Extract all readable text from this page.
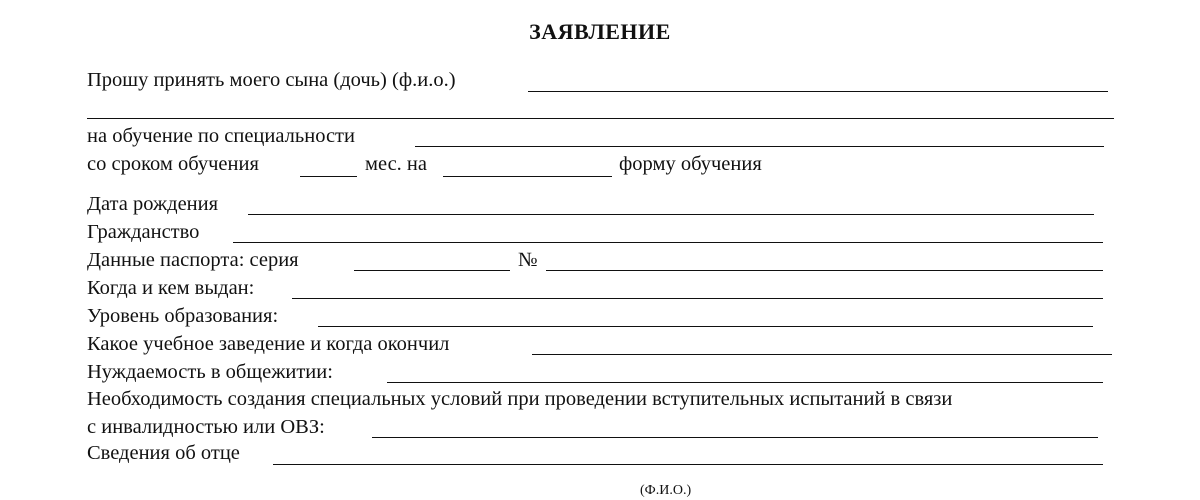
ЗАЯВЛЕНИЕ
Прошу принять моего сына (дочь) (ф.и.о.)
на обучение по специальности
со сроком обучения	мес. на	форму обучения
Дата рождения
Гражданство
Данные паспорта: серия	№
Когда и кем выдан:
Уровень образования:
Какое учебное заведение и когда окончил
Нуждаемость в общежитии:
Необходимость создания специальных условий при проведении вступительных испытаний в связи
с инвалидностью или ОВЗ:
Сведения об отце
(Ф.И.О.)
